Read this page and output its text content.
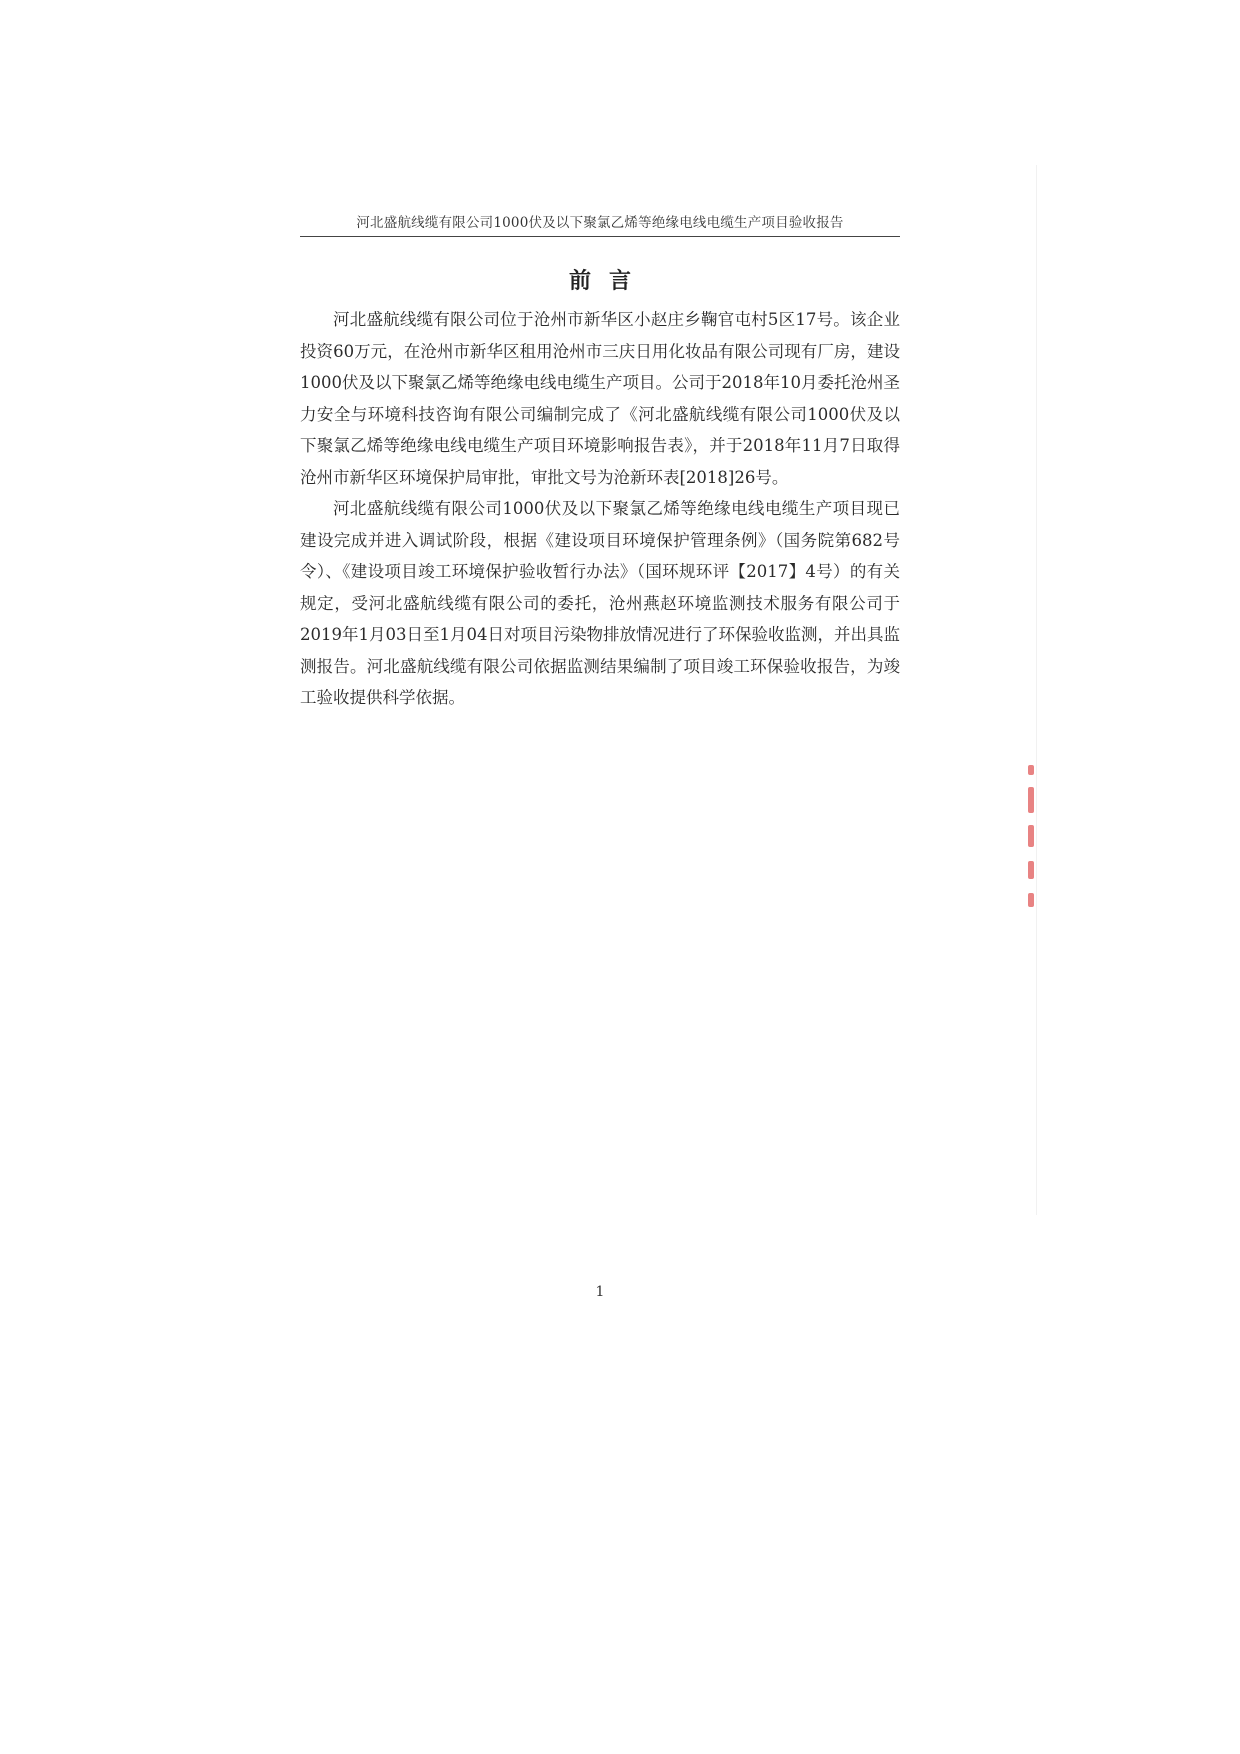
河北盛航线缆有限公司1000伏及以下聚氯乙烯等绝缘电线电缆生产项目验收报告
前言

河北盛航线缆有限公司位于沧州市新华区小赵庄乡鞠官屯村5区17号。该企业投资60万元，在沧州市新华区租用沧州市三庆日用化妆品有限公司现有厂房，建设1000伏及以下聚氯乙烯等绝缘电线电缆生产项目。公司于2018年10月委托沧州圣力安全与环境科技咨询有限公司编制完成了《河北盛航线缆有限公司1000伏及以下聚氯乙烯等绝缘电线电缆生产项目环境影响报告表》，并于2018年11月7日取得沧州市新华区环境保护局审批，审批文号为沧新环表[2018]26号。

河北盛航线缆有限公司1000伏及以下聚氯乙烯等绝缘电线电缆生产项目现已建设完成并进入调试阶段，根据《建设项目环境保护管理条例》（国务院第682号令）、《建设项目竣工环境保护验收暂行办法》（国环规环评【2017】4号）的有关规定，受河北盛航线缆有限公司的委托，沧州燕赵环境监测技术服务有限公司于2019年1月03日至1月04日对项目污染物排放情况进行了环保验收监测，并出具监测报告。河北盛航线缆有限公司依据监测结果编制了项目竣工环保验收报告，为竣工验收提供科学依据。

1
